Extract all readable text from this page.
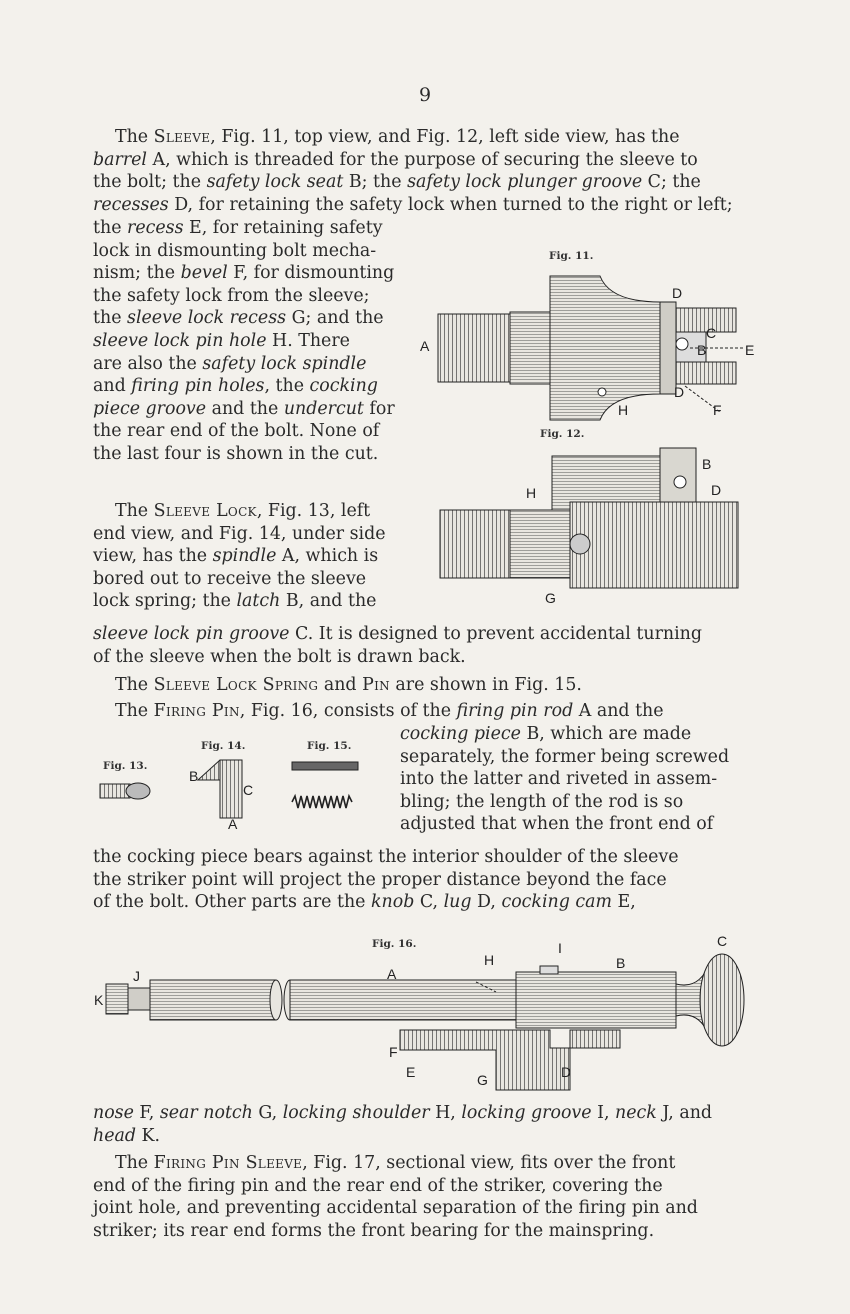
9
The Sleeve, Fig. 11, top view, and Fig. 12, left side view, has the
barrel A, which is threaded for the purpose of securing the sleeve to
the bolt; the safety lock seat B; the safety lock plunger groove C; the
recesses D, for retaining the safety lock when turned to the right or left;
the recess E, for retaining safety
lock in dismounting bolt mecha-
nism; the bevel F, for dismounting
the safety lock from the sleeve;
the sleeve lock recess G; and the
sleeve lock pin hole H. There
are also the safety lock spindle
and firing pin holes, the cocking
piece groove and the undercut for
the rear end of the bolt. None of
the last four is shown in the cut.
The Sleeve Lock, Fig. 13, left
end view, and Fig. 14, under side
view, has the spindle A, which is
bored out to receive the sleeve
lock spring; the latch B, and the
sleeve lock pin groove C. It is designed to prevent accidental turning
of the sleeve when the bolt is drawn back.
The Sleeve Lock Spring and Pin are shown in Fig. 15.
The Firing Pin, Fig. 16, consists of the firing pin rod A and the
cocking piece B, which are made
separately, the former being screwed
into the latter and riveted in assem-
bling; the length of the rod is so
adjusted that when the front end of
the cocking piece bears against the interior shoulder of the sleeve
the striker point will project the proper distance beyond the face
of the bolt. Other parts are the knob C, lug D, cocking cam E,
nose F, sear notch G, locking shoulder H, locking groove I, neck J, and
head K.
The Firing Pin Sleeve, Fig. 17, sectional view, fits over the front
end of the firing pin and the rear end of the striker, covering the
joint hole, and preventing accidental separation of the firing pin and
striker; its rear end forms the front bearing for the mainspring.
Fig. 11.
A
D
C
B	E
D
H	F
Fig. 12.
B
H	D
G
Fig. 13.
Fig. 14.
B
C
A
Fig. 15.
Fig. 16.
J
K
A
H
I
B
C
F
E	G	D
